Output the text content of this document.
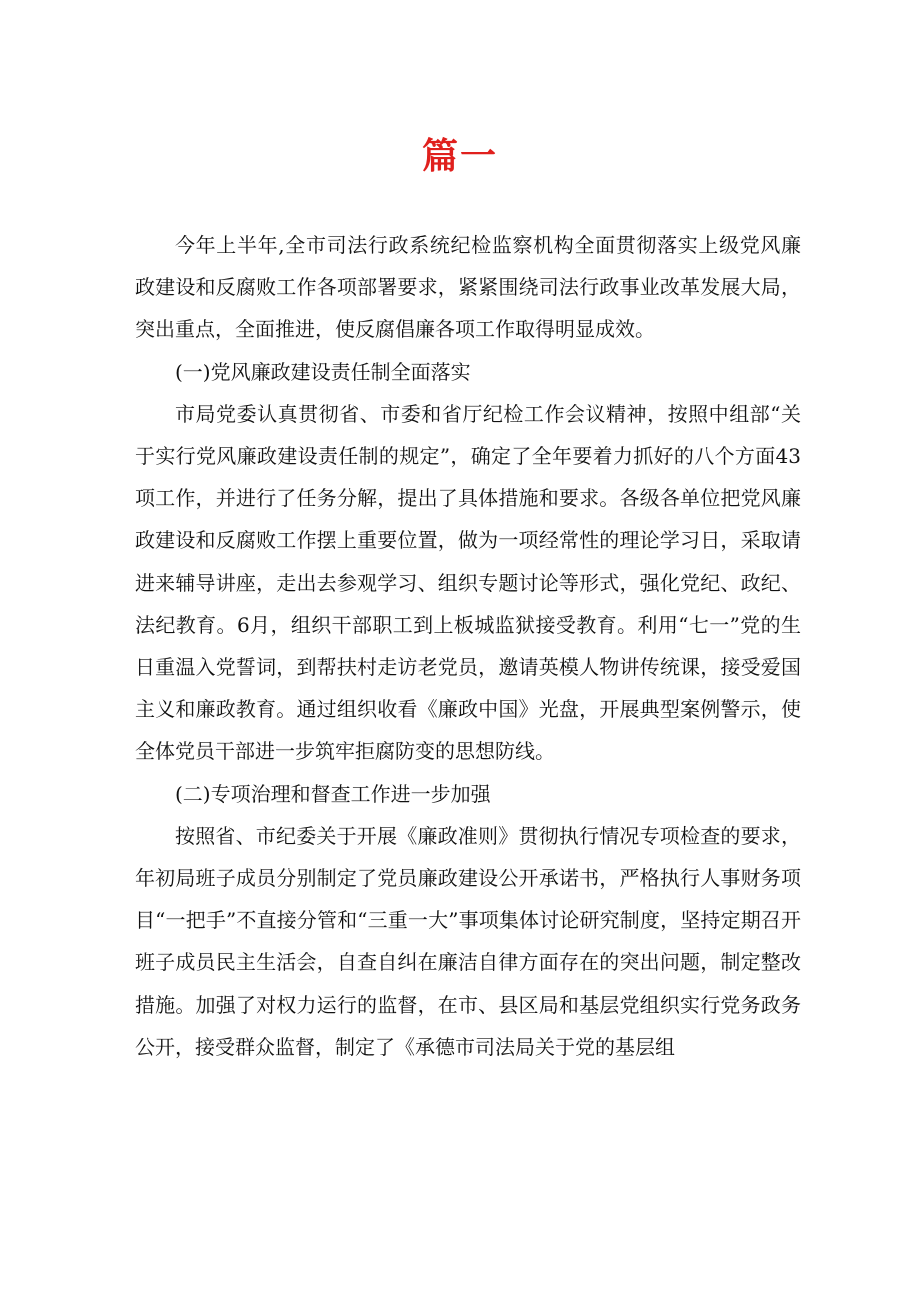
篇一

今年上半年,全市司法行政系统纪检监察机构全面贯彻落实上级党风廉政建设和反腐败工作各项部署要求，紧紧围绕司法行政事业改革发展大局，突出重点，全面推进，使反腐倡廉各项工作取得明显成效。

(一)党风廉政建设责任制全面落实

市局党委认真贯彻省、市委和省厅纪检工作会议精神，按照中组部“关于实行党风廉政建设责任制的规定”，确定了全年要着力抓好的八个方面43项工作，并进行了任务分解，提出了具体措施和要求。各级各单位把党风廉政建设和反腐败工作摆上重要位置，做为一项经常性的理论学习日，采取请进来辅导讲座，走出去参观学习、组织专题讨论等形式，强化党纪、政纪、法纪教育。6月，组织干部职工到上板城监狱接受教育。利用“七一”党的生日重温入党誓词，到帮扶村走访老党员，邀请英模人物讲传统课，接受爱国主义和廉政教育。通过组织收看《廉政中国》光盘，开展典型案例警示，使全体党员干部进一步筑牢拒腐防变的思想防线。

(二)专项治理和督查工作进一步加强

按照省、市纪委关于开展《廉政准则》贯彻执行情况专项检查的要求，年初局班子成员分别制定了党员廉政建设公开承诺书，严格执行人事财务项目“一把手”不直接分管和“三重一大”事项集体讨论研究制度，坚持定期召开班子成员民主生活会，自查自纠在廉洁自律方面存在的突出问题，制定整改措施。加强了对权力运行的监督，在市、县区局和基层党组织实行党务政务公开，接受群众监督，制定了《承德市司法局关于党的基层组
